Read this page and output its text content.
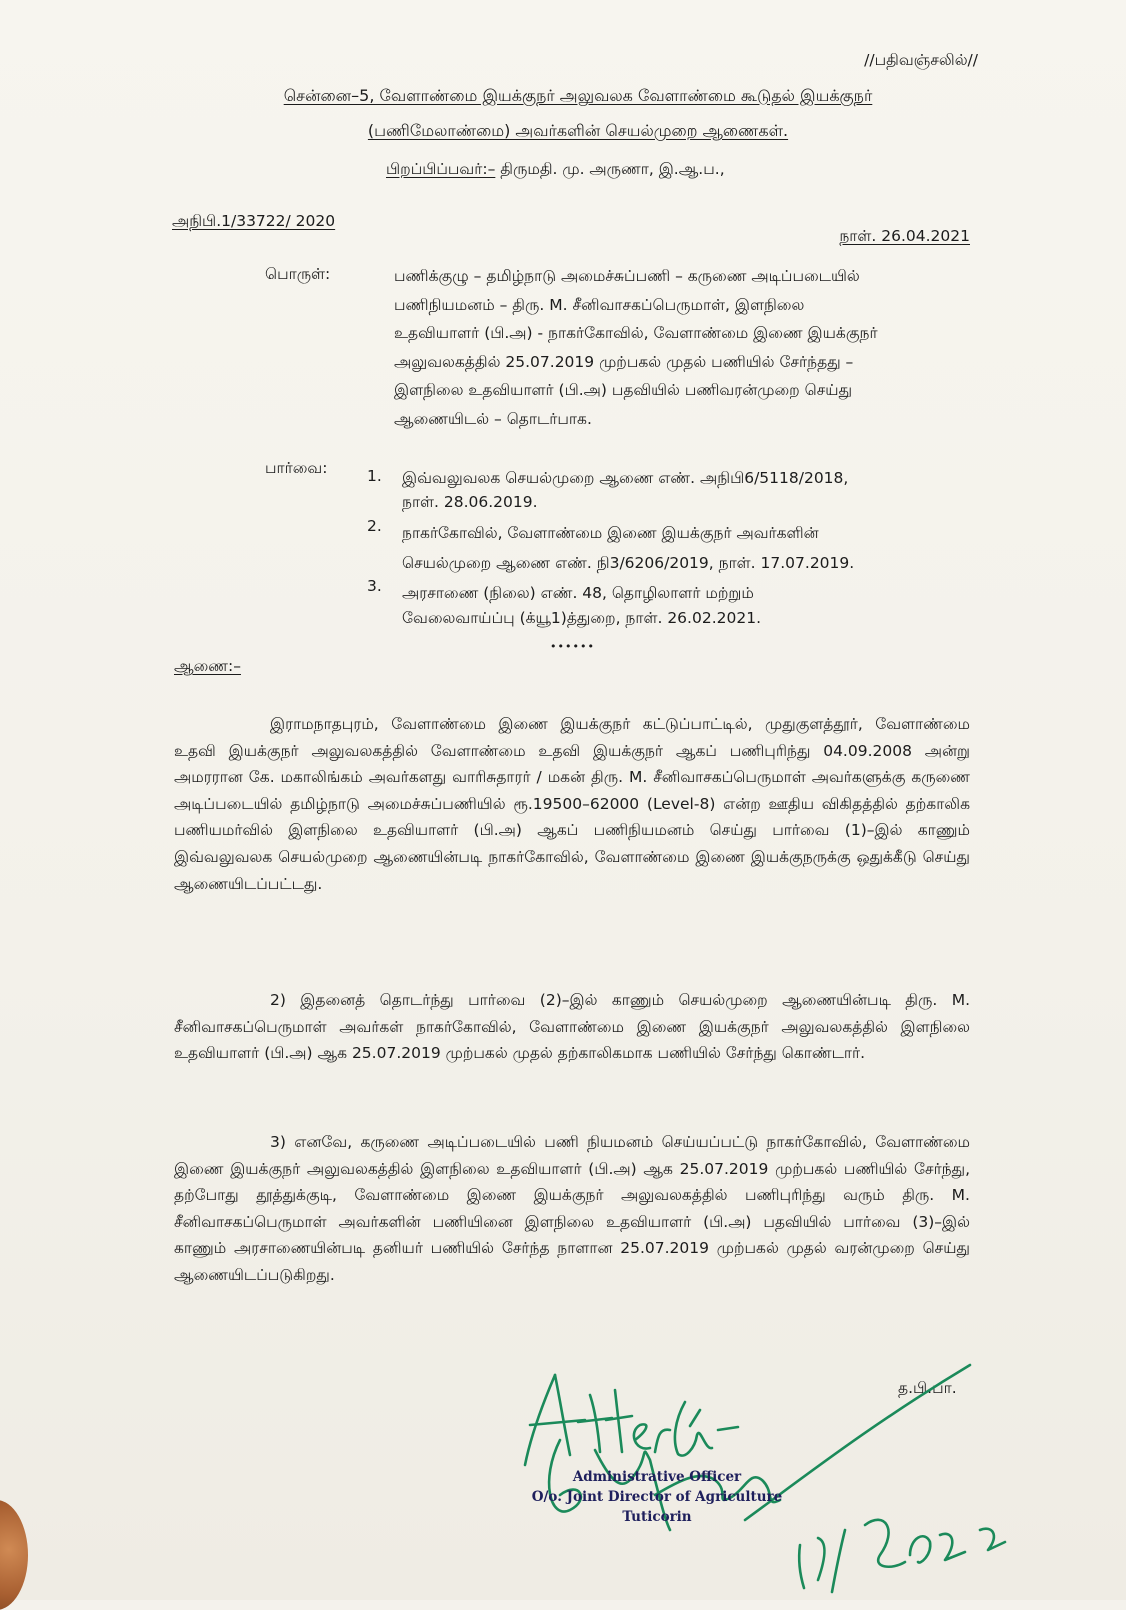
//பதிவஞ்சலில்//
சென்னை–5, வேளாண்மை இயக்குநர் அலுவலக வேளாண்மை கூடுதல் இயக்குநர்
(பணிமேலாண்மை) அவர்களின் செயல்முறை ஆணைகள்.
பிறப்பிப்பவர்:– திருமதி. மு. அருணா, இ.ஆ.ப.,
அநிபி.1/33722/ 2020
நாள். 26.04.2021
பொருள்:	பணிக்குழு – தமிழ்நாடு அமைச்சுப்பணி – கருணை அடிப்படையில்
பணிநியமனம் – திரு. M. சீனிவாசகப்பெருமாள், இளநிலை
உதவியாளர் (பி.அ) - நாகர்கோவில், வேளாண்மை இணை இயக்குநர்
அலுவலகத்தில் 25.07.2019 முற்பகல் முதல் பணியில் சேர்ந்தது –
இளநிலை உதவியாளர் (பி.அ) பதவியில் பணிவரன்முறை செய்து
ஆணையிடல் – தொடர்பாக.
பார்வை:	1. இவ்வலுவலக செயல்முறை ஆணை எண். அநிபி6/5118/2018,
நாள். 28.06.2019.
2. நாகர்கோவில், வேளாண்மை இணை இயக்குநர் அவர்களின்
செயல்முறை ஆணை எண். நி3/6206/2019, நாள். 17.07.2019.
3. அரசாணை (நிலை) எண். 48, தொழிலாளர் மற்றும்
வேலைவாய்ப்பு (க்யூ1)த்துறை, நாள். 26.02.2021.
••••••
ஆணை:–

இராமநாதபுரம், வேளாண்மை இணை இயக்குநர் கட்டுப்பாட்டில், முதுகுளத்தூர், வேளாண்மை உதவி இயக்குநர் அலுவலகத்தில் வேளாண்மை உதவி இயக்குநர் ஆகப் பணிபுரிந்து 04.09.2008 அன்று அமரரான கே. மகாலிங்கம் அவர்களது வாரிசுதாரர் / மகன் திரு. M. சீனிவாசகப்பெருமாள் அவர்களுக்கு கருணை அடிப்படையில் தமிழ்நாடு அமைச்சுப்பணியில் ரூ.19500–62000 (Level-8) என்ற ஊதிய விகிதத்தில் தற்காலிக பணியமர்வில் இளநிலை உதவியாளர் (பி.அ) ஆகப் பணிநியமனம் செய்து பார்வை (1)–இல் காணும் இவ்வலுவலக செயல்முறை ஆணையின்படி நாகர்கோவில், வேளாண்மை இணை இயக்குநருக்கு ஒதுக்கீடு செய்து ஆணையிடப்பட்டது.

2) இதனைத் தொடர்ந்து பார்வை (2)–இல் காணும் செயல்முறை ஆணையின்படி திரு. M. சீனிவாசகப்பெருமாள் அவர்கள் நாகர்கோவில், வேளாண்மை இணை இயக்குநர் அலுவலகத்தில் இளநிலை உதவியாளர் (பி.அ) ஆக 25.07.2019 முற்பகல் முதல் தற்காலிகமாக பணியில் சேர்ந்து கொண்டார்.

3) எனவே, கருணை அடிப்படையில் பணி நியமனம் செய்யப்பட்டு நாகர்கோவில், வேளாண்மை இணை இயக்குநர் அலுவலகத்தில் இளநிலை உதவியாளர் (பி.அ) ஆக 25.07.2019 முற்பகல் பணியில் சேர்ந்து, தற்போது தூத்துக்குடி, வேளாண்மை இணை இயக்குநர் அலுவலகத்தில் பணிபுரிந்து வரும் திரு. M. சீனிவாசகப்பெருமாள் அவர்களின் பணியினை இளநிலை உதவியாளர் (பி.அ) பதவியில் பார்வை (3)–இல் காணும் அரசாணையின்படி தனியர் பணியில் சேர்ந்த நாளான 25.07.2019 முற்பகல் முதல் வரன்முறை செய்து ஆணையிடப்படுகிறது.

த.பி.பா.
Administrative Officer
O/o. Joint Director of Agriculture
Tuticorin
